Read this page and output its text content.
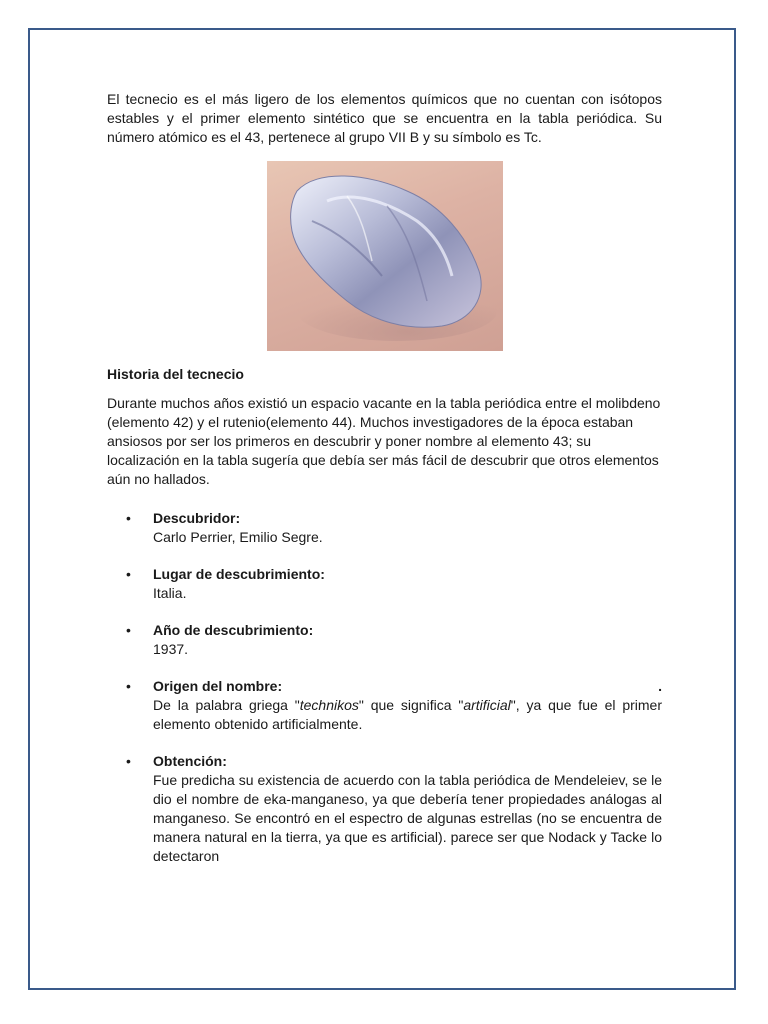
El tecnecio es el más ligero de los elementos químicos que no cuentan con isótopos estables y el primer elemento sintético que se encuentra en la tabla periódica. Su número atómico es el 43, pertenece al grupo VII B y su símbolo es Tc.

Historia del tecnecio

Durante muchos años existió un espacio vacante en la tabla periódica entre el molibdeno (elemento 42) y el rutenio(elemento 44). Muchos investigadores de la época estaban ansiosos por ser los primeros en descubrir y poner nombre al elemento 43; su localización en la tabla sugería que debía ser más fácil de descubrir que otros elementos aún no hallados.

• Descubridor:
Carlo Perrier, Emilio Segre.
• Lugar de descubrimiento:
Italia.
• Año de descubrimiento:
1937.
• Origen del nombre:	.
De la palabra griega "technikos" que significa "artificial", ya que fue el primer elemento obtenido artificialmente.
• Obtención:
Fue predicha su existencia de acuerdo con la tabla periódica de Mendeleiev, se le dio el nombre de eka-manganeso, ya que debería tener propiedades análogas al manganeso. Se encontró en el espectro de algunas estrellas (no se encuentra de manera natural en la tierra, ya que es artificial). parece ser que Nodack y Tacke lo detectaron
